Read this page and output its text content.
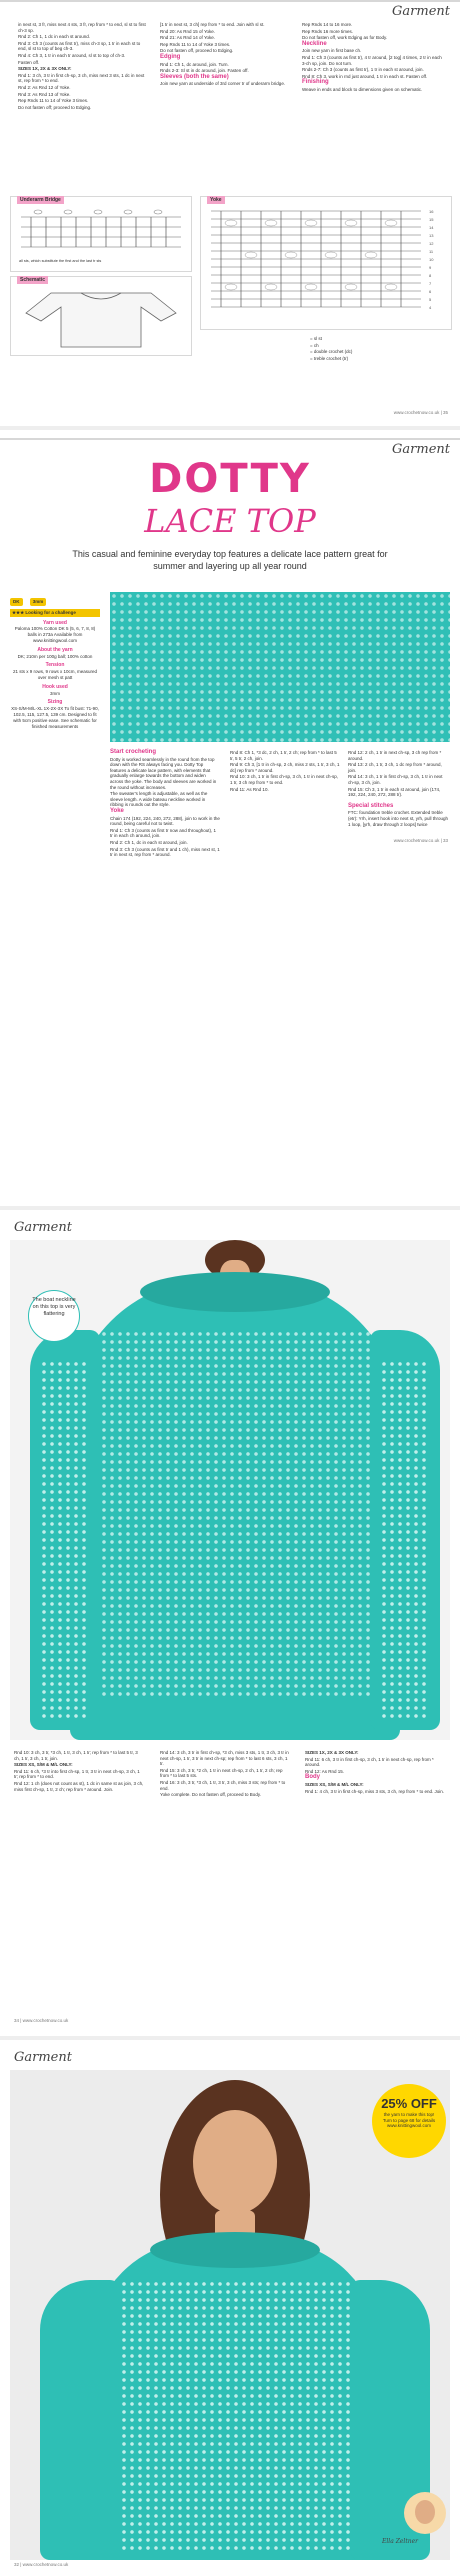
Garment

in next st, 3 fr, miss next 4 sts, 3 fr, rep from * to end, sl st to first ch-3 sp.

Rnd 2: Ch 1, 1 dc in each st around.

Rnd 3: Ch 3 (counts as first tr), miss ch-3 sp, 1 tr in each st to end, sl st to top of beg ch-3.

Rnd 4: Ch 3, 1 tr in each tr around, sl st to top of ch-3.

Fasten off.

SIZES 1X, 2X & 3X ONLY:

Rnd 1: 3 ch, 3 tr in first ch-sp, 3 ch, miss next 3 sts, 1 dc in next st, rep from * to end.

Rnd 2: As Rnd 12 of Yoke.

Rnd 3: As Rnd 13 of Yoke.

Rep Rnds 11 to 14 of Yoke 3 times.

Do not fasten off; proceed to Edging.

[1 tr in next st, 3 ch] rep from * to end. Join with sl st.

Rnd 20: As Rnd 15 of Yoke.

Rnd 21: As Rnd 14 of Yoke.

Rep Rnds 11 to 14 of Yoke 3 times.

Do not fasten off, proceed to Edging.

Edging

Rnd 1: Ch 1, dc around, join. Turn.

Rnds 2-3: Sl st in dc around, join. Fasten off.

Sleeves (both the same)

Join new yarn at underside of 3rd corner tr of underarm bridge.

Rep Rnds 14 to 16 more.

Rep Rnds 16 more times.

Do not fasten off, work Edging as for Body.

Neckline

Join new yarn in first base ch.

Rnd 1: Ch 3 (counts as first tr), 4 tr around, [2 tog] 4 times, 2 tr in each 3-ch sp, join. Do not turn.

Rnds 2-7: Ch 3 (counts as first tr), 1 tr in each st around, join.

Rnd 8: Ch 3, work in rnd just around, 1 tr in each st. Fasten off.

Finishing

Weave in ends and block to dimensions given on schematic.

Underarm Bridge
all sts, which substitute the first and the last tr sts
Yoke
16
15
14
13
12
11
10
9
8
7
6
5
4
Schematic

= sl st

= ch

= double crochet (dc)

= treble crochet (tr)

www.crochetnow.co.uk | 35
Garment
DOTTY
LACE TOP
This casual and feminine everyday top features a delicate lace pattern great for summer and layering up all year round
DK	3mm
★★★ Looking for a challenge
Yarn used
Paloma 100% Cotton DK 5 (5, 6, 7, 8, 8) balls in 273a Available from www.knittingwool.com
About the yarn
DK; 210m per 100g ball; 100% cotton
Tension
21 sts x 9 rows, 9 rows x 10cm, measured over mesh st patt
Hook used
3mm
Sizing
XS-S/M-M/L-XL 1X-2X-3X To fit bust: 71-90, 102.5, 115, 127.5, 139 cm. Designed to fit with 5cm positive ease. See schematic for finished measurements

Start crocheting

Dotty is worked seamlessly in the round from the top down with the RS always facing you. Dotty Top features a delicate lace pattern, with elements that gradually enlarge towards the bottom and widen across the yoke. The body and sleeves are worked in the round without increases.

The sweater's length is adjustable, as well as the sleeve length. A wide bateau neckline worked in ribbing is rounds out the style.

Yoke

Chain 174 (192, 224, 240, 272, 288), join to work in the round, being careful not to twist.

Rnd 1: Ch 3 (counts as first tr now and throughout), 1 tr in each ch around, join.

Rnd 2: Ch 1, dc in each st around, join.

Rnd 3: Ch 3 (counts as first tr and 1 ch), miss next st, 1 tr in next st, rep from * around.

Rnd 8: Ch 1, *3 dc, 2 ch, 1 tr, 2 ch; rep from * to last 5 tr, 5 tr, 2 ch, join.

Rnd 9: Ch 3, [1 tr in ch-sp, 2 ch, miss 2 sts, 1 tr, 3 ch, 1 dc] rep from * around.

Rnd 10: 3 ch, 1 tr in first ch-sp, 3 ch, 1 tr in next ch-sp, 1 tr, 3 ch rep from * to end.

Rnd 11: As Rnd 10.

Rnd 12: 2 ch, 1 tr in next ch-sp, 3 ch rep from * around.

Rnd 13: 2 ch, 1 tr, 3 ch, 1 dc rep from * around, join.

Rnd 14: 3 ch, 1 tr in first ch-sp, 3 ch, 1 tr in next ch-sp, 3 ch, join.

Rnd 15: Ch 3, 1 tr in each st around, join (174, 192, 224, 240, 272, 288 tr).

Special stitches

FTC: foundation treble crochet. Extended treble (etr): Yrh, insert hook into next st, yrh, pull through 1 loop, [yrh, draw through 2 loops] twice

www.crochetnow.co.uk | 33
Garment
The boat neckline on this top is very flattering

Rnd 10: 3 ch, 3 tr, *3 ch, 1 tr, 3 ch, 1 tr; rep from * to last 5 tr, 3 ch, 1 tr, 3 ch, 1 tr, join.

SIZES XS, S/M & M/L ONLY:

Rnd 11: 6 ch, *3 tr into first ch-sp, 1 tr, 3 tr in next ch-sp, 3 ch, 1 tr; rep from * to end.

Rnd 12: 1 ch (does not count as st), 1 dc in same st as join, 3 ch, miss first ch-sp, 1 tr, 2 ch; rep from * around. Join.

Rnd 14: 3 ch, 3 tr in first ch-sp, *3 ch, miss 3 sts, 1 tr, 3 ch, 3 tr in next ch-sp, 1 tr, 3 tr in next ch-sp; rep from * to last 6 sts, 3 ch, 1 tr.

Rnd 15: 3 ch, 3 tr, *2 ch, 1 tr in next ch-sp, 2 ch, 1 tr, 2 ch; rep from * to last 5 sts.

Rnd 16: 3 ch, 3 tr, *3 ch, 1 tr, 3 tr, 3 ch, miss 3 sts; rep from * to end.

Yoke complete. Do not fasten off, proceed to Body.

SIZES 1X, 2X & 3X ONLY:

Rnd 11: 6 ch, 3 tr in first ch-sp, 3 ch, 1 tr in next ch-sp, rep from * around.

Rnd 12: As Rnd 15.

Body

SIZES XS, S/M & M/L ONLY:

Rnd 1: 4 ch, 3 tr in first ch-sp, miss 3 sts, 3 ch, rep from * to end. Join.

34 | www.crochetnow.co.uk
Garment
25% OFF
the yarn to make this top! Turn to page 68 for details www.knittingwool.com
Ella Zeltner
32 | www.crochetnow.co.uk
